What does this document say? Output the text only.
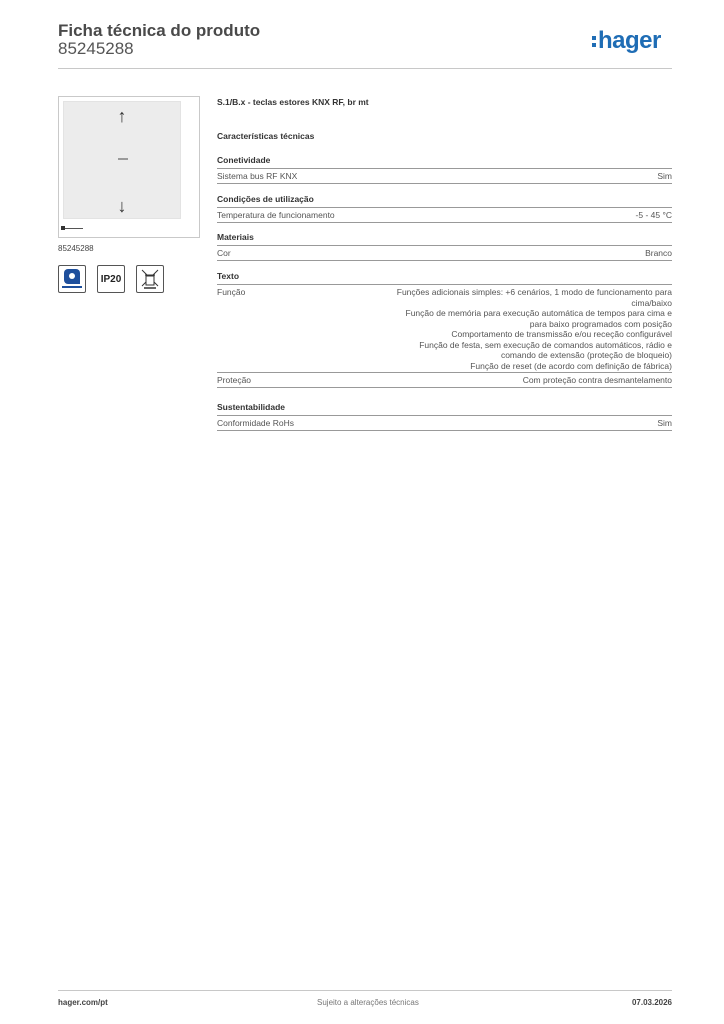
Ficha técnica do produto
85245288	hager
↑
↓
85245288
IP20
S.1/B.x - teclas estores KNX RF, br mt
Características técnicas
Conetividade
Sistema bus RF KNX	Sim
Condições de utilização
Temperatura de funcionamento	-5 - 45 °C
Materiais
Cor	Branco
Texto
Função	Funções adicionais simples: +6 cenários, 1 modo de funcionamento para
cima/baixo
Função de memória para execução automática de tempos para cima e
para baixo programados com posição
Comportamento de transmissão e/ou receção configurável
Função de festa, sem execução de comandos automáticos, rádio e
comando de extensão (proteção de bloqueio)
Função de reset (de acordo com definição de fábrica)
Proteção	Com proteção contra desmantelamento
Sustentabilidade
Conformidade RoHs	Sim
hager.com/pt	Sujeito a alterações técnicas	07.03.2026
